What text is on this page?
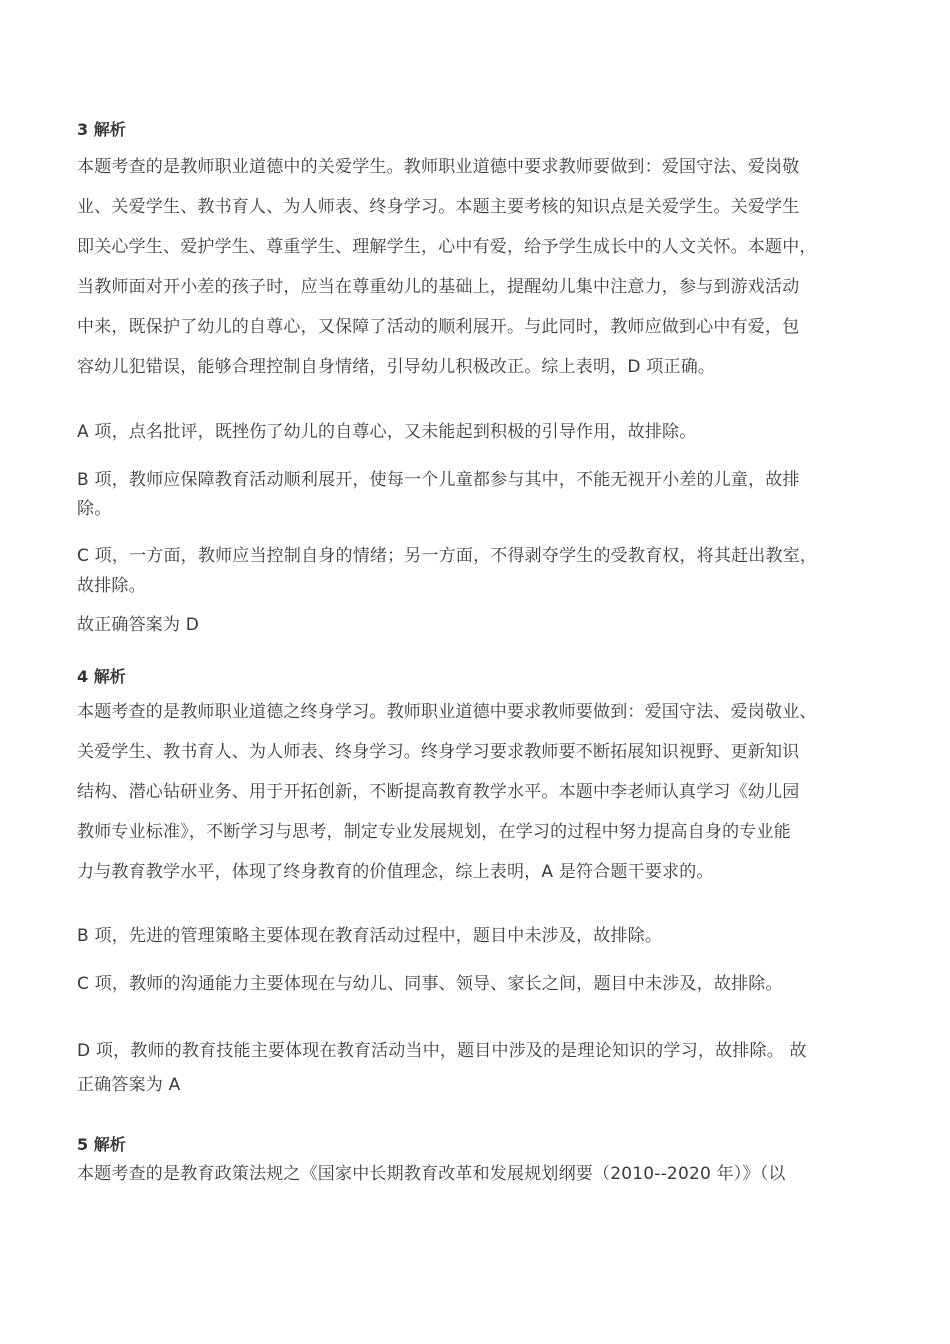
3 解析
本题考查的是教师职业道德中的关爱学生。教师职业道德中要求教师要做到：爱国守法、爱岗敬
业、关爱学生、教书育人、为人师表、终身学习。本题主要考核的知识点是关爱学生。关爱学生
即关心学生、爱护学生、尊重学生、理解学生，心中有爱，给予学生成长中的人文关怀。本题中，
当教师面对开小差的孩子时，应当在尊重幼儿的基础上，提醒幼儿集中注意力，参与到游戏活动
中来，既保护了幼儿的自尊心，又保障了活动的顺利展开。与此同时，教师应做到心中有爱，包
容幼儿犯错误，能够合理控制自身情绪，引导幼儿积极改正。综上表明，D 项正确。
A 项，点名批评，既挫伤了幼儿的自尊心，又未能起到积极的引导作用，故排除。
B 项，教师应保障教育活动顺利展开，使每一个儿童都参与其中，不能无视开小差的儿童，故排
除。
C 项，一方面，教师应当控制自身的情绪；另一方面，不得剥夺学生的受教育权，将其赶出教室，
故排除。
故正确答案为 D
4 解析
本题考查的是教师职业道德之终身学习。教师职业道德中要求教师要做到：爱国守法、爱岗敬业、
关爱学生、教书育人、为人师表、终身学习。终身学习要求教师要不断拓展知识视野、更新知识
结构、潜心钻研业务、用于开拓创新，不断提高教育教学水平。本题中李老师认真学习《幼儿园
教师专业标准》，不断学习与思考，制定专业发展规划，在学习的过程中努力提高自身的专业能
力与教育教学水平，体现了终身教育的价值理念，综上表明，A 是符合题干要求的。
B 项，先进的管理策略主要体现在教育活动过程中，题目中未涉及，故排除。
C 项，教师的沟通能力主要体现在与幼儿、同事、领导、家长之间，题目中未涉及，故排除。
D 项，教师的教育技能主要体现在教育活动当中，题目中涉及的是理论知识的学习，故排除。 故
正确答案为 A
5 解析
本题考查的是教育政策法规之《国家中长期教育改革和发展规划纲要（2010--2020 年）》（以
